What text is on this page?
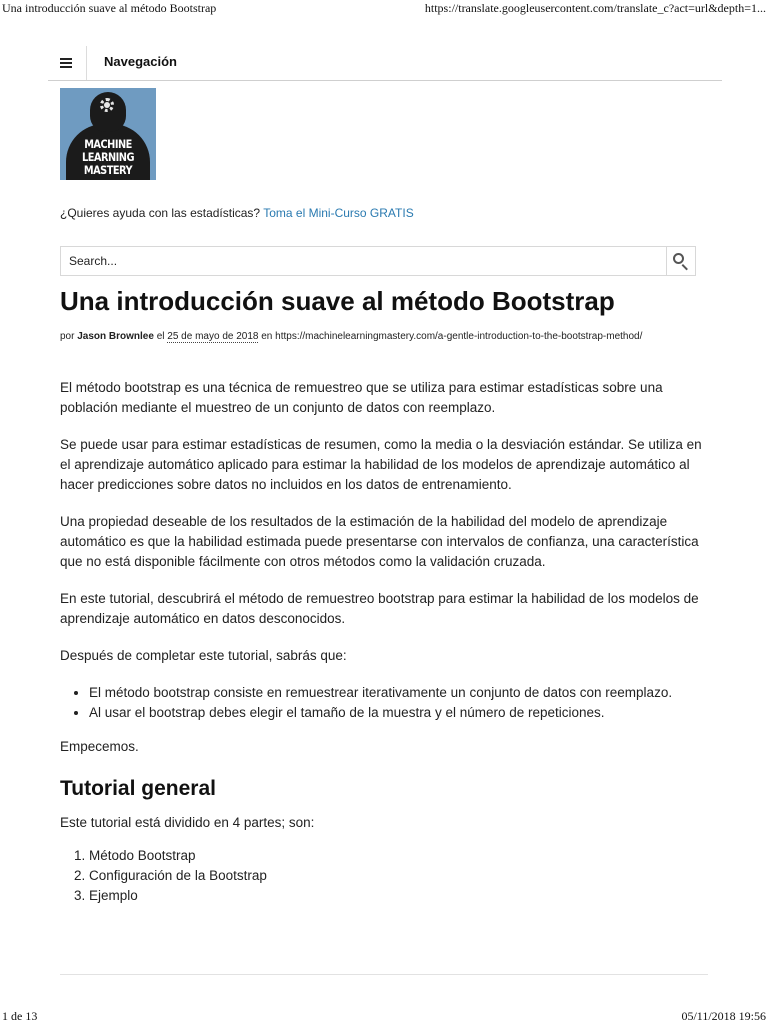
Una introducción suave al método Bootstrap	https://translate.googleusercontent.com/translate_c?act=url&depth=1...
Navegación
MACHINE
LEARNING
MASTERY
¿Quieres ayuda con las estadísticas? Toma el Mini-Curso GRATIS
Search...
Una introducción suave al método Bootstrap
por Jason Brownlee el 25 de mayo de 2018 en https://machinelearningmastery.com/a-gentle-introduction-to-the-bootstrap-method/

El método bootstrap es una técnica de remuestreo que se utiliza para estimar estadísticas sobre una población mediante el muestreo de un conjunto de datos con reemplazo.

Se puede usar para estimar estadísticas de resumen, como la media o la desviación estándar. Se utiliza en el aprendizaje automático aplicado para estimar la habilidad de los modelos de aprendizaje automático al hacer predicciones sobre datos no incluidos en los datos de entrenamiento.

Una propiedad deseable de los resultados de la estimación de la habilidad del modelo de aprendizaje automático es que la habilidad estimada puede presentarse con intervalos de confianza, una característica que no está disponible fácilmente con otros métodos como la validación cruzada.

En este tutorial, descubrirá el método de remuestreo bootstrap para estimar la habilidad de los modelos de aprendizaje automático en datos desconocidos.

Después de completar este tutorial, sabrás que:

• El método bootstrap consiste en remuestrear iterativamente un conjunto de datos con reemplazo.
• Al usar el bootstrap debes elegir el tamaño de la muestra y el número de repeticiones.

Empecemos.

Tutorial general

Este tutorial está dividido en 4 partes; son:

1. Método Bootstrap
2. Configuración de la Bootstrap
3. Ejemplo
1 de 13	05/11/2018 19:56
